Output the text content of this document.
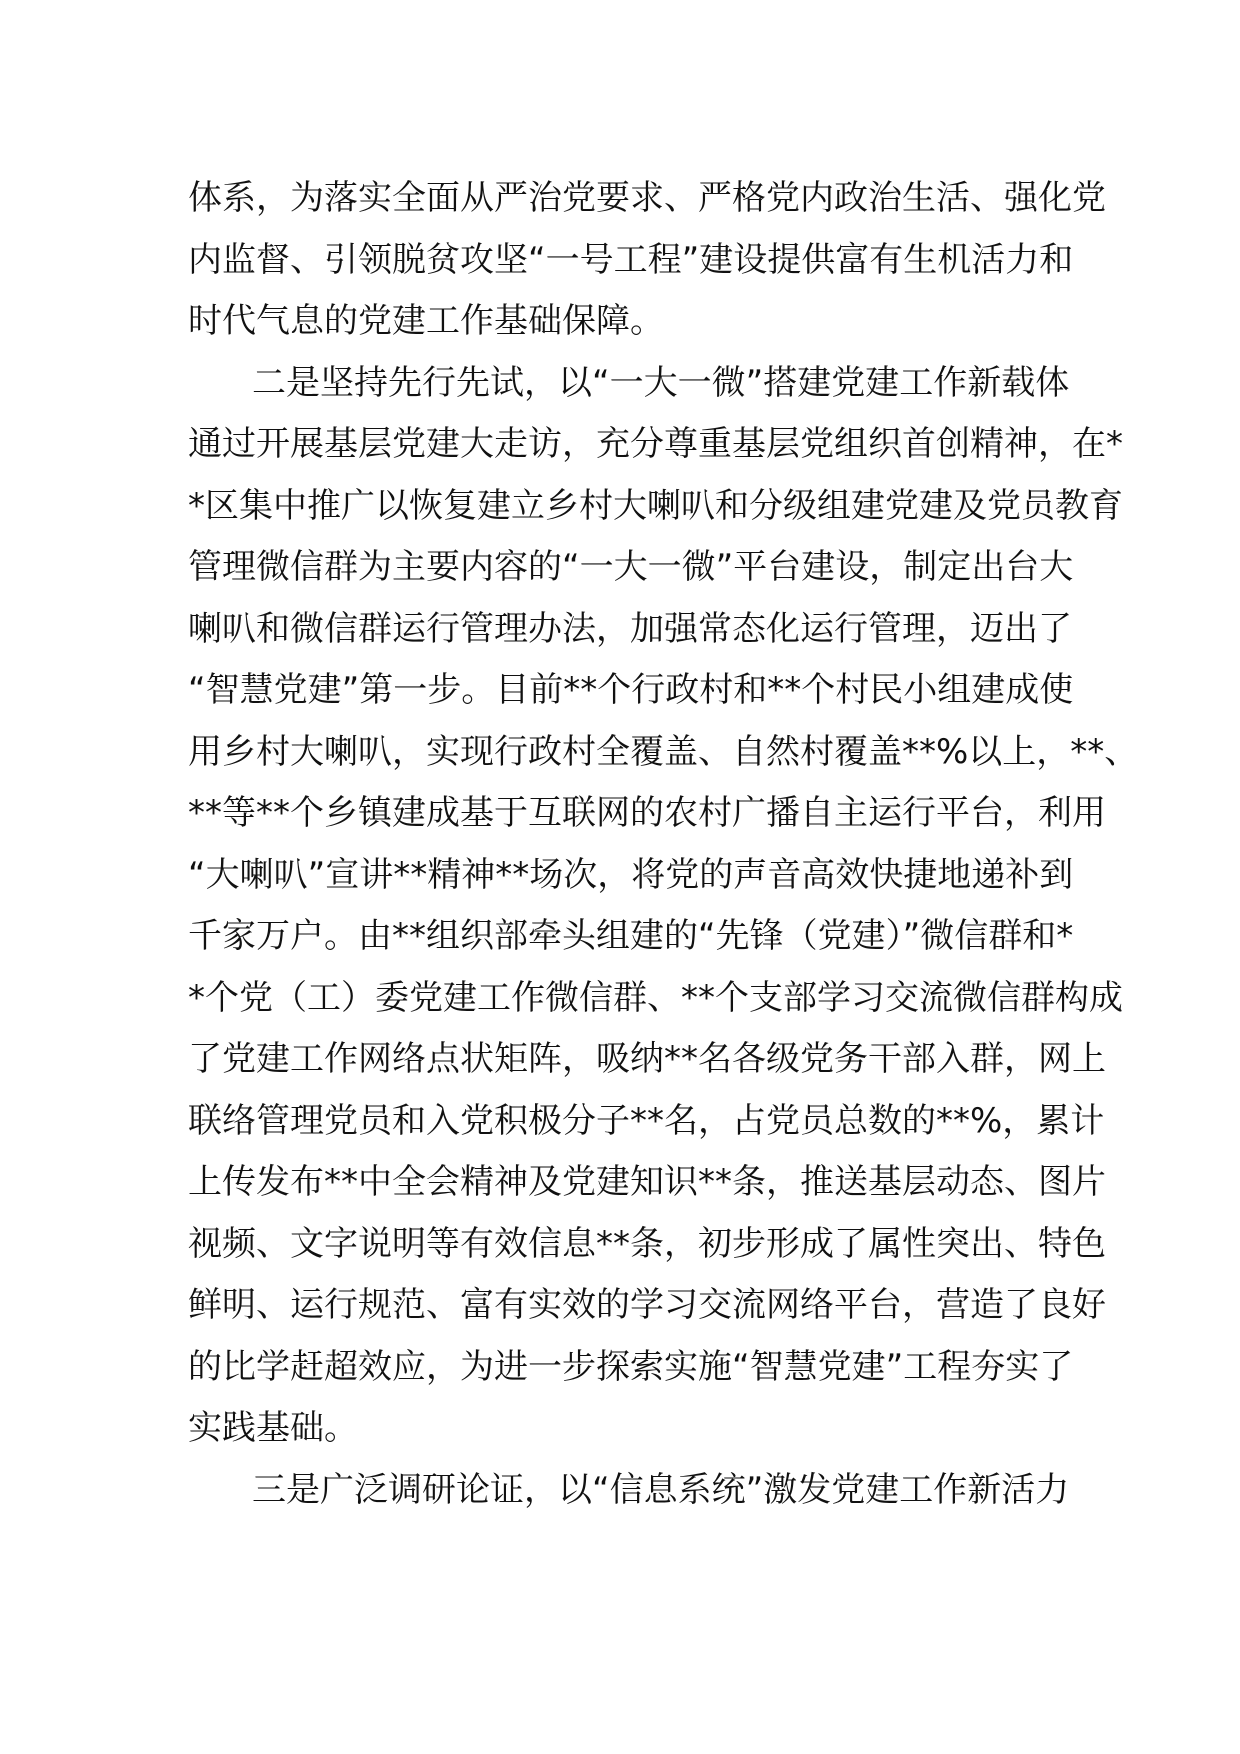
体系，为落实全面从严治党要求、严格党内政治生活、强化党
内监督、引领脱贫攻坚“一号工程”建设提供富有生机活力和
时代气息的党建工作基础保障。
二是坚持先行先试，以“一大一微”搭建党建工作新载体
通过开展基层党建大走访，充分尊重基层党组织首创精神，在*
*区集中推广以恢复建立乡村大喇叭和分级组建党建及党员教育
管理微信群为主要内容的“一大一微”平台建设，制定出台大
喇叭和微信群运行管理办法，加强常态化运行管理，迈出了
“智慧党建”第一步。目前**个行政村和**个村民小组建成使
用乡村大喇叭，实现行政村全覆盖、自然村覆盖**%以上，**、
**等**个乡镇建成基于互联网的农村广播自主运行平台，利用
“大喇叭”宣讲**精神**场次，将党的声音高效快捷地递补到
千家万户。由**组织部牵头组建的“先锋（党建）”微信群和*
*个党（工）委党建工作微信群、**个支部学习交流微信群构成
了党建工作网络点状矩阵，吸纳**名各级党务干部入群，网上
联络管理党员和入党积极分子**名，占党员总数的**%，累计
上传发布**中全会精神及党建知识**条，推送基层动态、图片
视频、文字说明等有效信息**条，初步形成了属性突出、特色
鲜明、运行规范、富有实效的学习交流网络平台，营造了良好
的比学赶超效应，为进一步探索实施“智慧党建”工程夯实了
实践基础。
三是广泛调研论证，以“信息系统”激发党建工作新活力
